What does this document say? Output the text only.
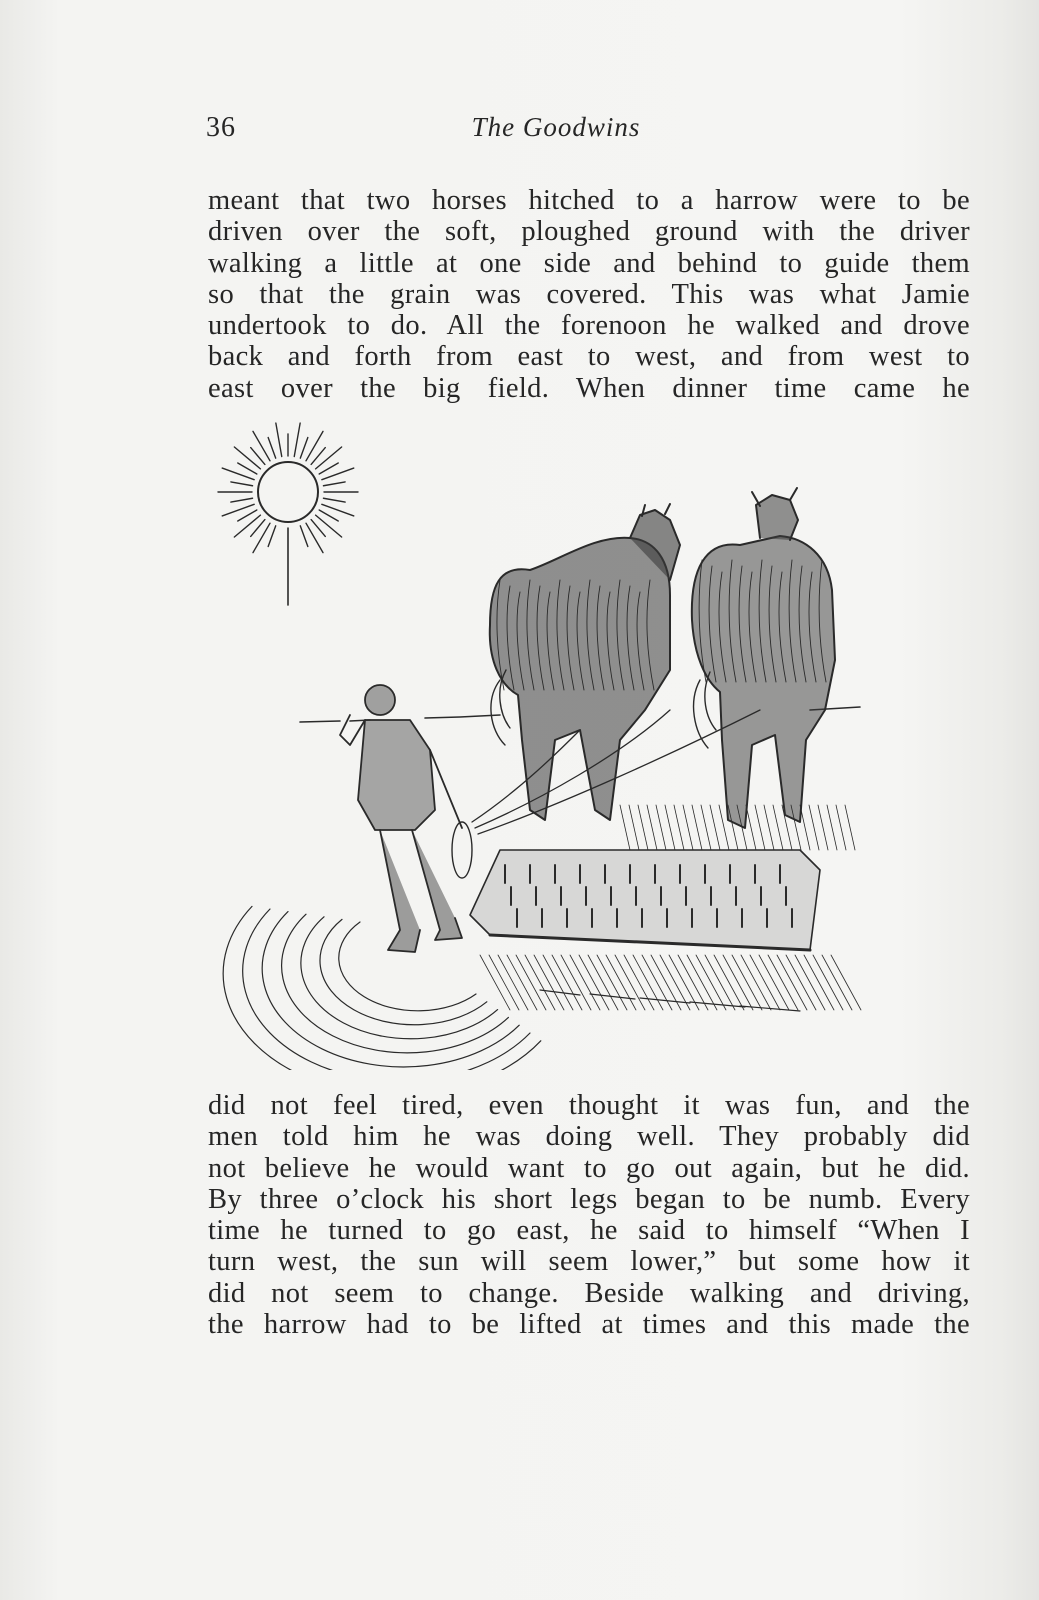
36	The Goodwins
meant that two horses hitched to a harrow were to be
driven over the soft, ploughed ground with the driver
walking a little at one side and behind to guide them
so that the grain was covered. This was what Jamie
undertook to do. All the forenoon he walked and drove
back and forth from east to west, and from west to
east over the big field. When dinner time came he
did not feel tired, even thought it was fun, and the
men told him he was doing well. They probably did
not believe he would want to go out again, but he did.
By three o’clock his short legs began to be numb. Every
time he turned to go east, he said to himself “When I
turn west, the sun will seem lower,” but some how it
did not seem to change. Beside walking and driving,
the harrow had to be lifted at times and this made the
